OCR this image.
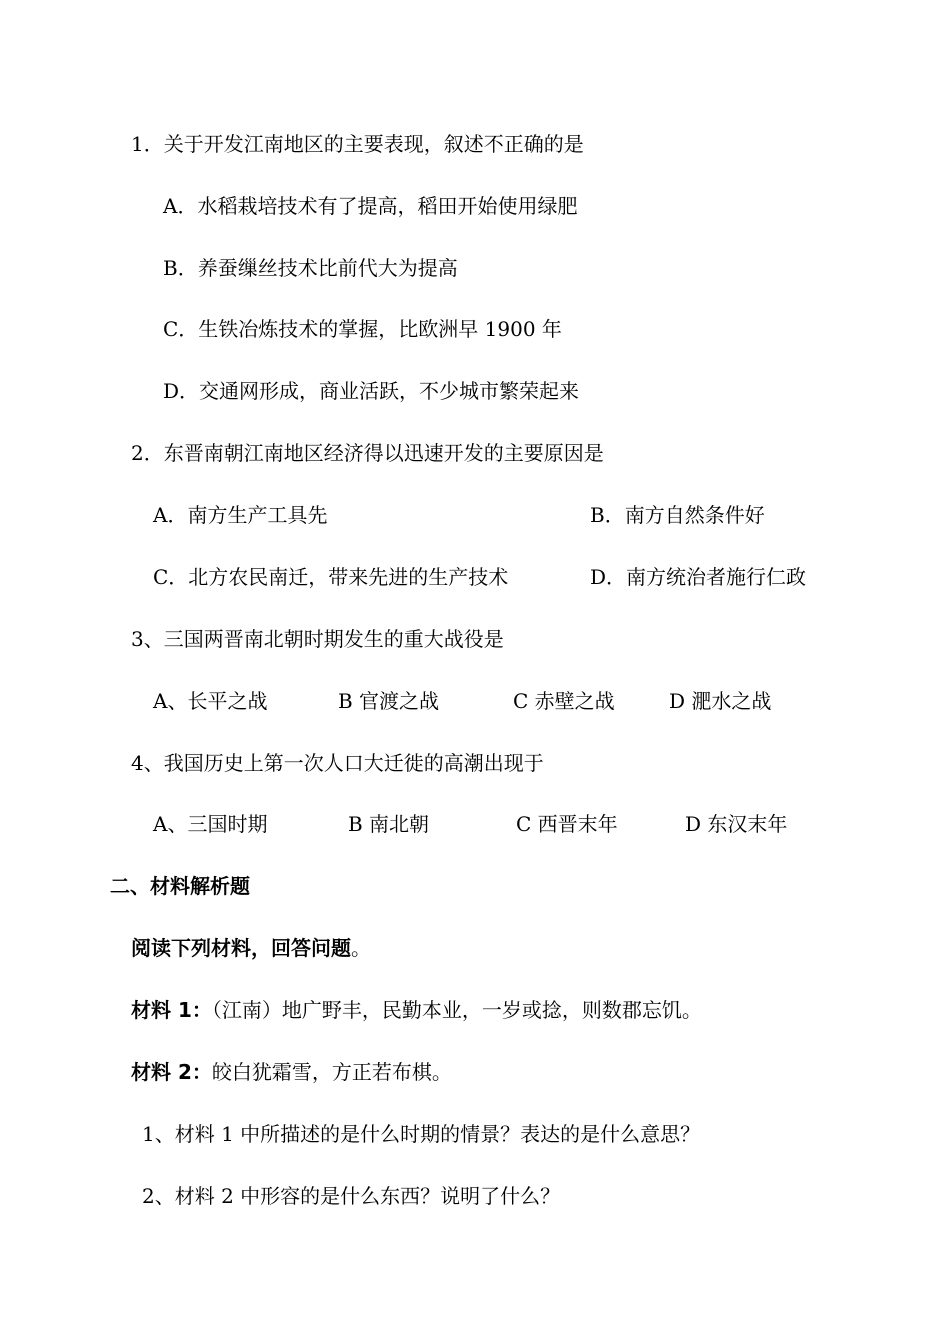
1．关于开发江南地区的主要表现，叙述不正确的是
A．水稻栽培技术有了提高，稻田开始使用绿肥
B．养蚕缫丝技术比前代大为提高
C．生铁冶炼技术的掌握，比欧洲早 1900 年
D．交通网形成，商业活跃，不少城市繁荣起来
2．东晋南朝江南地区经济得以迅速开发的主要原因是
A．南方生产工具先	B．南方自然条件好
C．北方农民南迁，带来先进的生产技术	D．南方统治者施行仁政
3、三国两晋南北朝时期发生的重大战役是
A、长平之战	B 官渡之战	C 赤壁之战	D 淝水之战
4、我国历史上第一次人口大迁徙的高潮出现于
A、三国时期	B 南北朝	C 西晋末年	D 东汉末年
二、材料解析题
阅读下列材料，回答问题。
材料 1：（江南）地广野丰，民勤本业，一岁或捻，则数郡忘饥。
材料 2：皎白犹霜雪，方正若布棋。
1、材料 1 中所描述的是什么时期的情景？表达的是什么意思？
2、材料 2 中形容的是什么东西？说明了什么？
